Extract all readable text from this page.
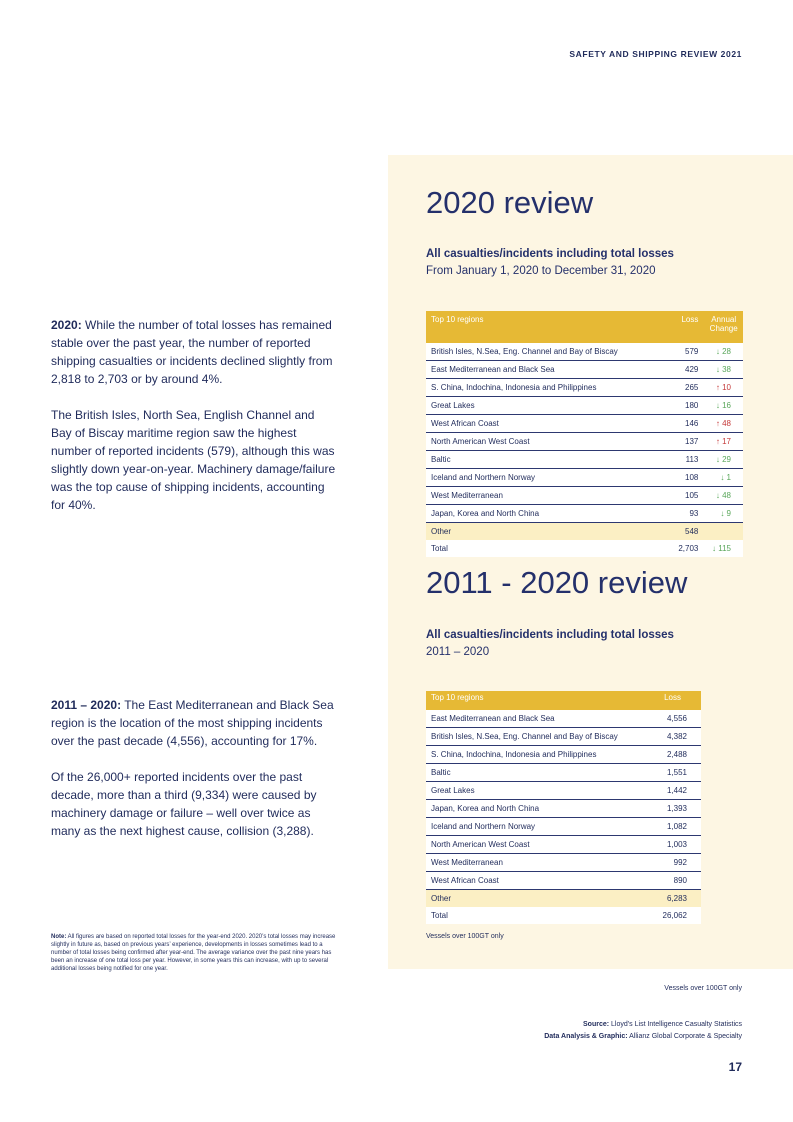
SAFETY AND SHIPPING REVIEW 2021

2020: While the number of total losses has remained stable over the past year, the number of reported shipping casualties or incidents declined slightly from 2,818 to 2,703 or by around 4%.

The British Isles, North Sea, English Channel and Bay of Biscay maritime region saw the highest number of reported incidents (579), although this was slightly down year-on-year. Machinery damage/failure was the top cause of shipping incidents, accounting for 40%.

2011 – 2020: The East Mediterranean and Black Sea region is the location of the most shipping incidents over the past decade (4,556), accounting for 17%.

Of the 26,000+ reported incidents over the past decade, more than a third (9,334) were caused by machinery damage or failure – well over twice as many as the next highest cause, collision (3,288).

Note: All figures are based on reported total losses for the year-end 2020. 2020’s total losses may increase slightly in future as, based on previous years’ experience, developments in losses sometimes lead to a number of total losses being confirmed after year-end. The average variance over the past nine years has been an increase of one total loss per year. However, in some years this can increase, with up to several additional losses being notified for one year.
2020 review
All casualties/incidents including total losses
From January 1, 2020 to December 31, 2020
Top 10 regions	Loss	Annual Change
British Isles, N.Sea, Eng. Channel and Bay of Biscay	579	↓ 28
East Mediterranean and Black Sea	429	↓ 38
S. China, Indochina, Indonesia and Philippines	265	↑ 10
Great Lakes	180	↓ 16
West African Coast	146	↑ 48
North American West Coast	137	↑ 17
Baltic	113	↓ 29
Iceland and Northern Norway	108	↓ 1
West Mediterranean	105	↓ 48
Japan, Korea and North China	93	↓ 9
Other	548	
Total	2,703	↓ 115
2011 - 2020 review
All casualties/incidents including total losses
2011 – 2020
Top 10 regions	Loss
East Mediterranean and Black Sea	4,556
British Isles, N.Sea, Eng. Channel and Bay of Biscay	4,382
S. China, Indochina, Indonesia and Philippines	2,488
Baltic	1,551
Great Lakes	1,442
Japan, Korea and North China	1,393
Iceland and Northern Norway	1,082
North American West Coast	1,003
West Mediterranean	992
West African Coast	890
Other	6,283
Total	26,062
Vessels over 100GT only
Vessels over 100GT only
Source: Lloyd’s List Intelligence Casualty Statistics
Data Analysis & Graphic: Allianz Global Corporate & Specialty
17
